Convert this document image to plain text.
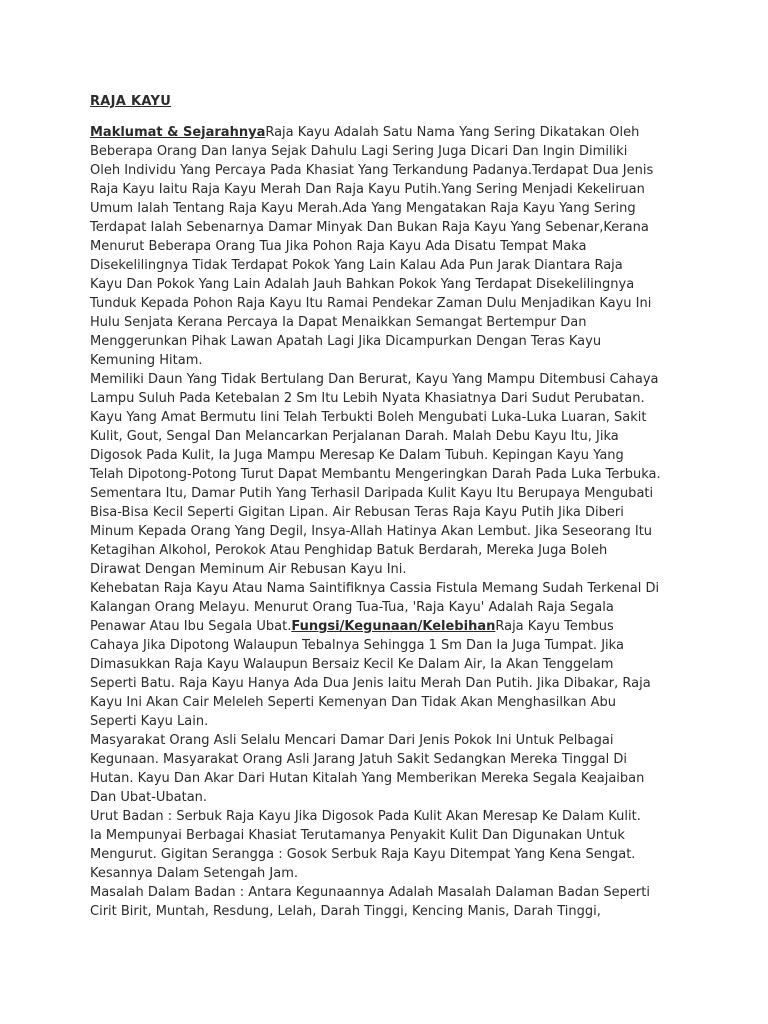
RAJA KAYU
Maklumat & SejarahnyaRaja Kayu Adalah Satu Nama Yang Sering Dikatakan Oleh
Beberapa Orang Dan Ianya Sejak Dahulu Lagi Sering Juga Dicari Dan Ingin Dimiliki
Oleh Individu Yang Percaya Pada Khasiat Yang Terkandung Padanya.Terdapat Dua Jenis
Raja Kayu Iaitu Raja Kayu Merah Dan Raja Kayu Putih.Yang Sering Menjadi Kekeliruan
Umum Ialah Tentang Raja Kayu Merah.Ada Yang Mengatakan Raja Kayu Yang Sering
Terdapat Ialah Sebenarnya Damar Minyak Dan Bukan Raja Kayu Yang Sebenar,Kerana
Menurut Beberapa Orang Tua Jika Pohon Raja Kayu Ada Disatu Tempat Maka
Disekelilingnya Tidak Terdapat Pokok Yang Lain Kalau Ada Pun Jarak Diantara Raja
Kayu Dan Pokok Yang Lain Adalah Jauh Bahkan Pokok Yang Terdapat Disekelilingnya
Tunduk Kepada Pohon Raja Kayu Itu Ramai Pendekar Zaman Dulu Menjadikan Kayu Ini
Hulu Senjata Kerana Percaya Ia Dapat Menaikkan Semangat Bertempur Dan
Menggerunkan Pihak Lawan Apatah Lagi Jika Dicampurkan Dengan Teras Kayu
Kemuning Hitam.
Memiliki Daun Yang Tidak Bertulang Dan Berurat, Kayu Yang Mampu Ditembusi Cahaya
Lampu Suluh Pada Ketebalan 2 Sm Itu Lebih Nyata Khasiatnya Dari Sudut Perubatan.
Kayu Yang Amat Bermutu Iini Telah Terbukti Boleh Mengubati Luka-Luka Luaran, Sakit
Kulit, Gout, Sengal Dan Melancarkan Perjalanan Darah. Malah Debu Kayu Itu, Jika
Digosok Pada Kulit, Ia Juga Mampu Meresap Ke Dalam Tubuh. Kepingan Kayu Yang
Telah Dipotong-Potong Turut Dapat Membantu Mengeringkan Darah Pada Luka Terbuka.
Sementara Itu, Damar Putih Yang Terhasil Daripada Kulit Kayu Itu Berupaya Mengubati
Bisa-Bisa Kecil Seperti Gigitan Lipan. Air Rebusan Teras Raja Kayu Putih Jika Diberi
Minum Kepada Orang Yang Degil, Insya-Allah Hatinya Akan Lembut. Jika Seseorang Itu
Ketagihan Alkohol, Perokok Atau Penghidap Batuk Berdarah, Mereka Juga Boleh
Dirawat Dengan Meminum Air Rebusan Kayu Ini.
Kehebatan Raja Kayu Atau Nama Saintifiknya Cassia Fistula Memang Sudah Terkenal Di
Kalangan Orang Melayu. Menurut Orang Tua-Tua, 'Raja Kayu' Adalah Raja Segala
Penawar Atau Ibu Segala Ubat.Fungsi/Kegunaan/KelebihanRaja Kayu Tembus
Cahaya Jika Dipotong Walaupun Tebalnya Sehingga 1 Sm Dan Ia Juga Tumpat. Jika
Dimasukkan Raja Kayu Walaupun Bersaiz Kecil Ke Dalam Air, Ia Akan Tenggelam
Seperti Batu. Raja Kayu Hanya Ada Dua Jenis Iaitu Merah Dan Putih. Jika Dibakar, Raja
Kayu Ini Akan Cair Meleleh Seperti Kemenyan Dan Tidak Akan Menghasilkan Abu
Seperti Kayu Lain.
Masyarakat Orang Asli Selalu Mencari Damar Dari Jenis Pokok Ini Untuk Pelbagai
Kegunaan. Masyarakat Orang Asli Jarang Jatuh Sakit Sedangkan Mereka Tinggal Di
Hutan. Kayu Dan Akar Dari Hutan Kitalah Yang Memberikan Mereka Segala Keajaiban
Dan Ubat-Ubatan.
Urut Badan : Serbuk Raja Kayu Jika Digosok Pada Kulit Akan Meresap Ke Dalam Kulit.
Ia Mempunyai Berbagai Khasiat Terutamanya Penyakit Kulit Dan Digunakan Untuk
Mengurut. Gigitan Serangga : Gosok Serbuk Raja Kayu Ditempat Yang Kena Sengat.
Kesannya Dalam Setengah Jam.
Masalah Dalam Badan : Antara Kegunaannya Adalah Masalah Dalaman Badan Seperti
Cirit Birit, Muntah, Resdung, Lelah, Darah Tinggi, Kencing Manis, Darah Tinggi,
